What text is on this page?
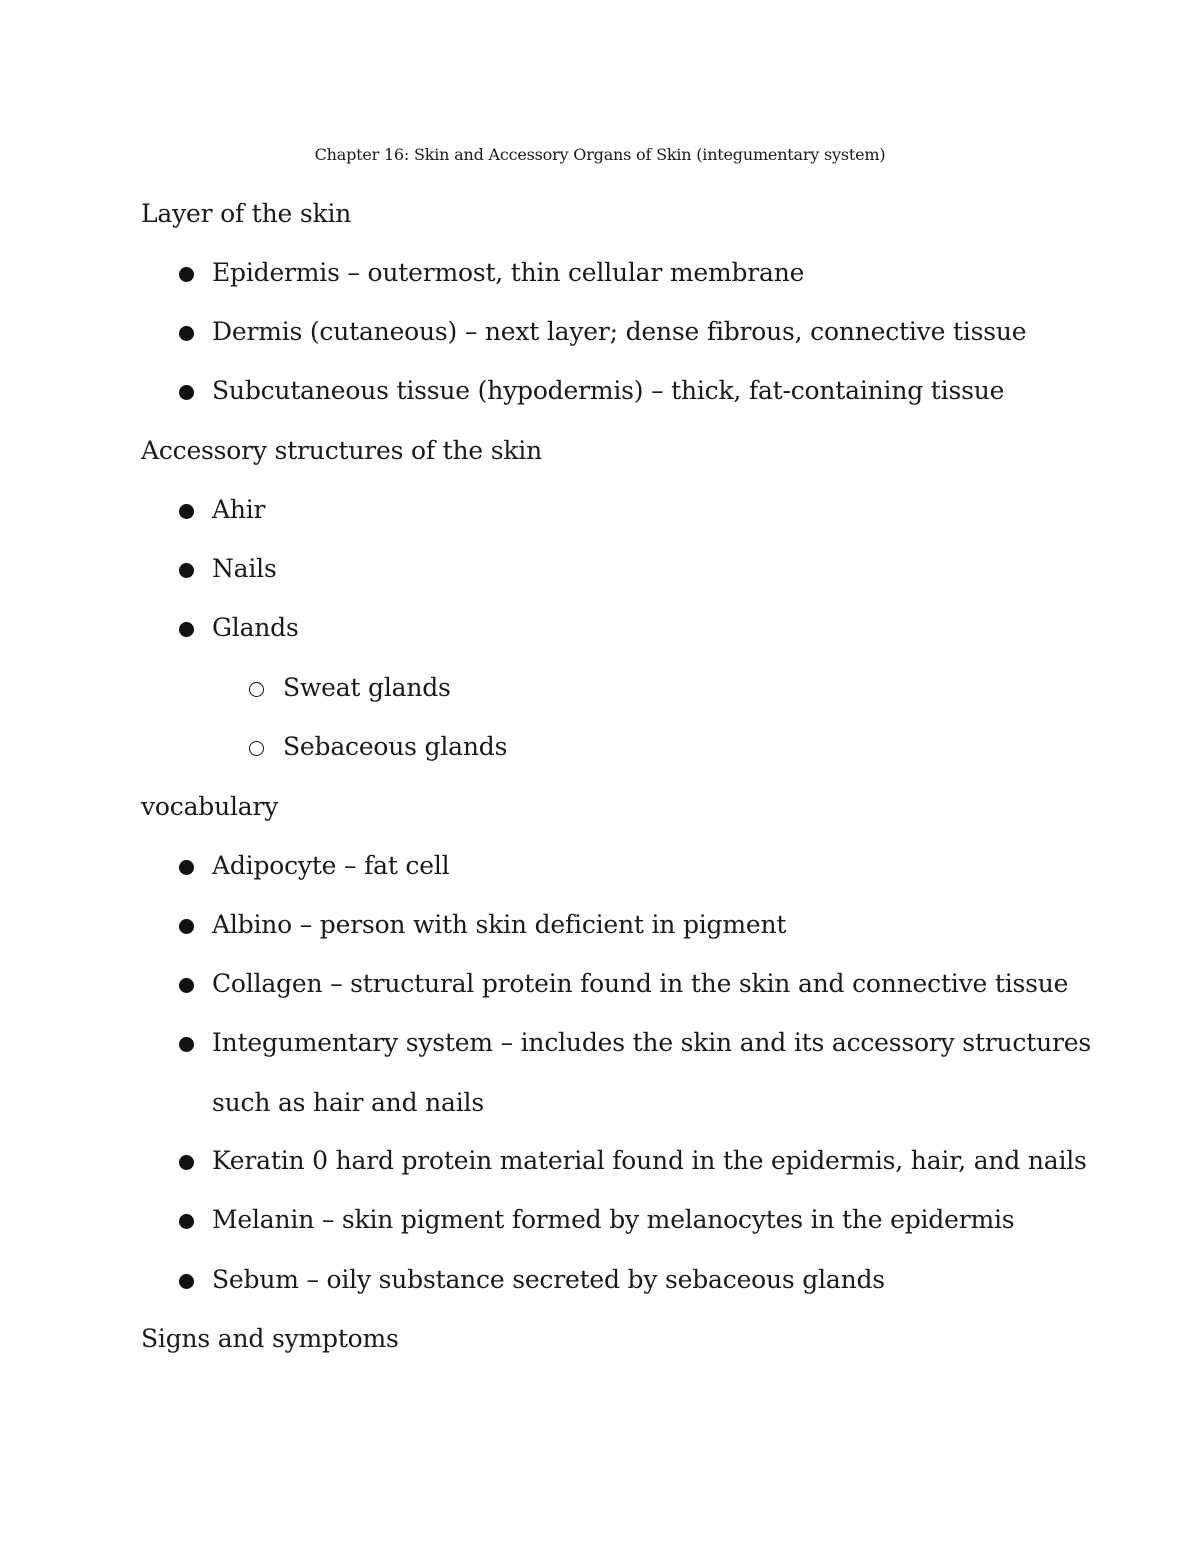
Chapter 16: Skin and Accessory Organs of Skin (integumentary system)
Layer of the skin
Epidermis – outermost, thin cellular membrane
Dermis (cutaneous) – next layer; dense fibrous, connective tissue
Subcutaneous tissue (hypodermis) – thick, fat-containing tissue
Accessory structures of the skin
Ahir
Nails
Glands
Sweat glands
Sebaceous glands
vocabulary
Adipocyte – fat cell
Albino – person with skin deficient in pigment
Collagen – structural protein found in the skin and connective tissue
Integumentary system – includes the skin and its accessory structures
such as hair and nails
Keratin 0 hard protein material found in the epidermis, hair, and nails
Melanin – skin pigment formed by melanocytes in the epidermis
Sebum – oily substance secreted by sebaceous glands
Signs and symptoms
